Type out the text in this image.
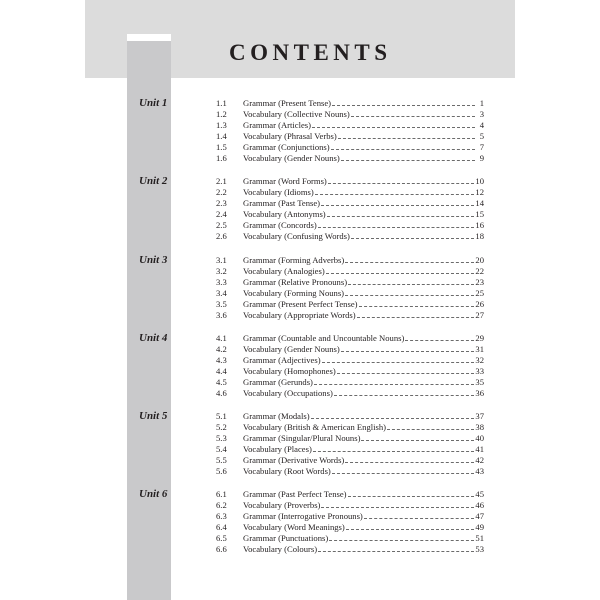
CONTENTS
Unit 1	1.1	Grammar (Present Tense)	1
1.2	Vocabulary (Collective Nouns)	3
1.3	Grammar (Articles)	4
1.4	Vocabulary (Phrasal Verbs)	5
1.5	Grammar (Conjunctions)	7
1.6	Vocabulary (Gender Nouns)	9
Unit 2	2.1	Grammar (Word Forms)	10
2.2	Vocabulary (Idioms)	12
2.3	Grammar (Past Tense)	14
2.4	Vocabulary (Antonyms)	15
2.5	Grammar (Concords)	16
2.6	Vocabulary (Confusing Words)	18
Unit 3	3.1	Grammar (Forming Adverbs)	20
3.2	Vocabulary (Analogies)	22
3.3	Grammar (Relative Pronouns)	23
3.4	Vocabulary (Forming Nouns)	25
3.5	Grammar (Present Perfect Tense)	26
3.6	Vocabulary (Appropriate Words)	27
Unit 4	4.1	Grammar (Countable and Uncountable Nouns)	29
4.2	Vocabulary (Gender Nouns)	31
4.3	Grammar (Adjectives)	32
4.4	Vocabulary (Homophones)	33
4.5	Grammar (Gerunds)	35
4.6	Vocabulary (Occupations)	36
Unit 5	5.1	Grammar (Modals)	37
5.2	Vocabulary (British & American English)	38
5.3	Grammar (Singular/Plural Nouns)	40
5.4	Vocabulary (Places)	41
5.5	Grammar (Derivative Words)	42
5.6	Vocabulary (Root Words)	43
Unit 6	6.1	Grammar (Past Perfect Tense)	45
6.2	Vocabulary (Proverbs)	46
6.3	Grammar (Interrogative Pronouns)	47
6.4	Vocabulary (Word Meanings)	49
6.5	Grammar (Punctuations)	51
6.6	Vocabulary (Colours)	53
